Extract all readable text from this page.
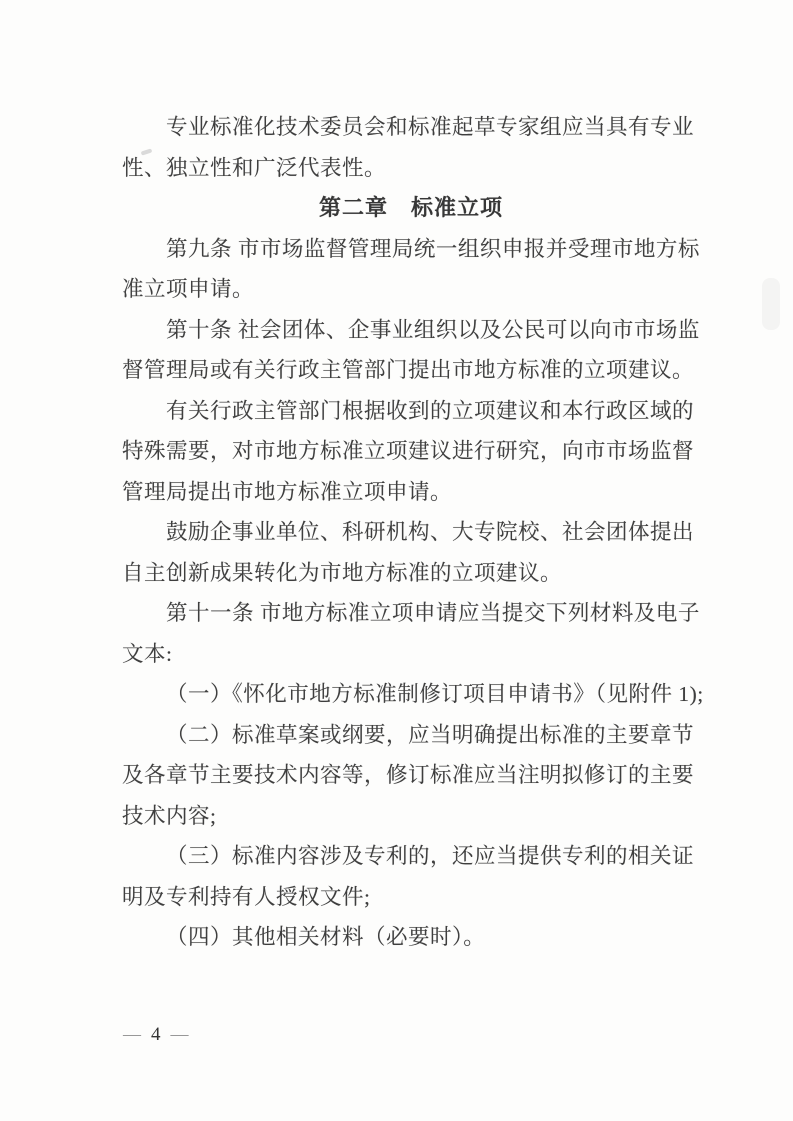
专业标准化技术委员会和标准起草专家组应当具有专业
性、独立性和广泛代表性。
第二章　标准立项
第九条 市市场监督管理局统一组织申报并受理市地方标
准立项申请。
第十条 社会团体、企事业组织以及公民可以向市市场监
督管理局或有关行政主管部门提出市地方标准的立项建议。
有关行政主管部门根据收到的立项建议和本行政区域的
特殊需要，对市地方标准立项建议进行研究，向市市场监督
管理局提出市地方标准立项申请。
鼓励企事业单位、科研机构、大专院校、社会团体提出
自主创新成果转化为市地方标准的立项建议。
第十一条 市地方标准立项申请应当提交下列材料及电子
文本:
（一）《怀化市地方标准制修订项目申请书》（见附件 1);
（二）标准草案或纲要，应当明确提出标准的主要章节
及各章节主要技术内容等，修订标准应当注明拟修订的主要
技术内容;
（三）标准内容涉及专利的，还应当提供专利的相关证
明及专利持有人授权文件;
（四）其他相关材料（必要时）。
— 4 —
